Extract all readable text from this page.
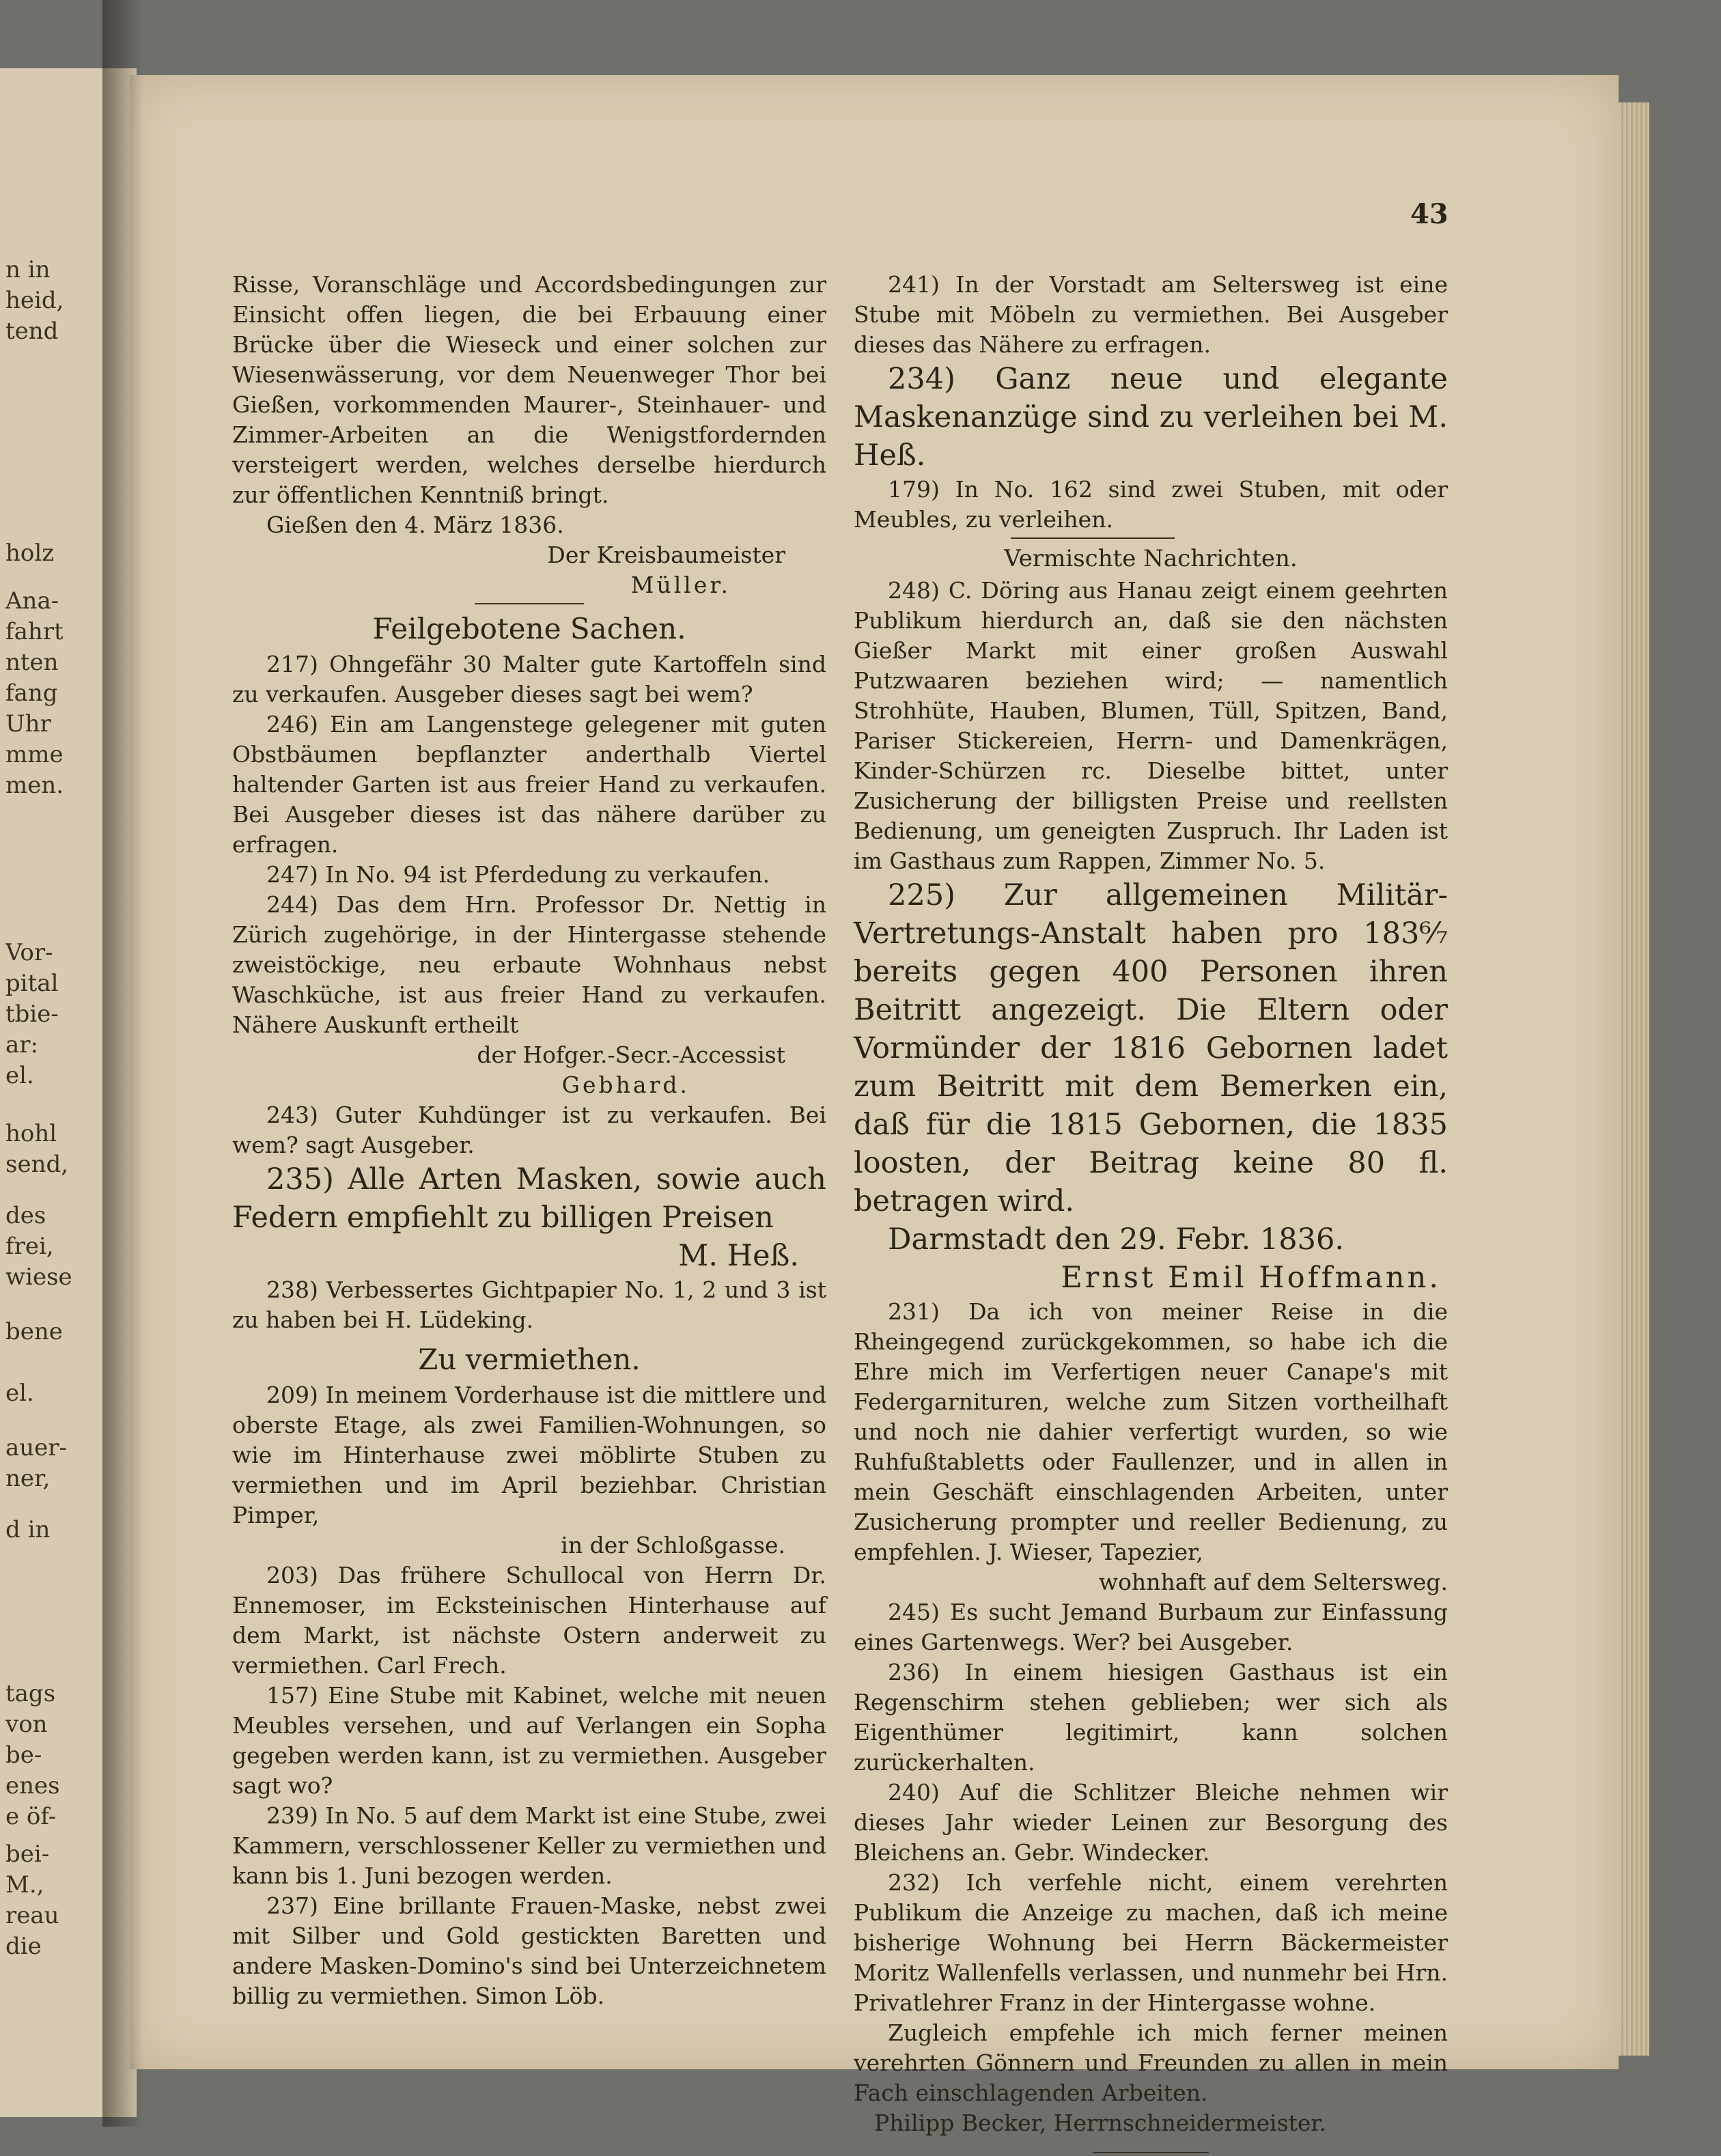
n in
heid,
tend
holz
Ana-
fahrt
nten
fang
Uhr
mme
men.
Vor-
pital
tbie-
ar:
el.
hohl
send,
des
frei,
wiese
bene
el.
auer-
ner,
d in
tags
von
be-
enes
e öf-
bei-
M.,
reau
die
43

Risse, Voranschläge und Accordsbedingungen zur Einsicht offen liegen, die bei Erbauung einer Brücke über die Wieseck und einer solchen zur Wiesenwässerung, vor dem Neuenweger Thor bei Gießen, vorkommenden Maurer-, Steinhauer- und Zimmer-Arbeiten an die Wenigstfordernden versteigert werden, welches derselbe hierdurch zur öffentlichen Kenntniß bringt.

Gießen den 4. März 1836.

Der Kreisbaumeister

Müller.

Feilgebotene Sachen.

217) Ohngefähr 30 Malter gute Kartoffeln sind zu verkaufen. Ausgeber dieses sagt bei wem?

246) Ein am Langenstege gelegener mit guten Obstbäumen bepflanzter anderthalb Viertel haltender Garten ist aus freier Hand zu verkaufen. Bei Ausgeber dieses ist das nähere darüber zu erfragen.

247) In No. 94 ist Pferdedung zu verkaufen.

244) Das dem Hrn. Professor Dr. Nettig in Zürich zugehörige, in der Hintergasse stehende zweistöckige, neu erbaute Wohnhaus nebst Waschküche, ist aus freier Hand zu verkaufen. Nähere Auskunft ertheilt

der Hofger.-Secr.-Accessist

Gebhard.

243) Guter Kuhdünger ist zu verkaufen. Bei wem? sagt Ausgeber.

235) Alle Arten Masken, sowie auch Federn empfiehlt zu billigen Preisen

M. Heß.

238) Verbessertes Gichtpapier No. 1, 2 und 3 ist zu haben bei H. Lüdeking.

Zu vermiethen.

209) In meinem Vorderhause ist die mittlere und oberste Etage, als zwei Familien-Wohnungen, so wie im Hinterhause zwei möblirte Stuben zu vermiethen und im April beziehbar. Christian Pimper,

in der Schloßgasse.

203) Das frühere Schullocal von Herrn Dr. Ennemoser, im Ecksteinischen Hinterhause auf dem Markt, ist nächste Ostern anderweit zu vermiethen. Carl Frech.

157) Eine Stube mit Kabinet, welche mit neuen Meubles versehen, und auf Verlangen ein Sopha gegeben werden kann, ist zu vermiethen. Ausgeber sagt wo?

239) In No. 5 auf dem Markt ist eine Stube, zwei Kammern, verschlossener Keller zu vermiethen und kann bis 1. Juni bezogen werden.

237) Eine brillante Frauen-Maske, nebst zwei mit Silber und Gold gestickten Baretten und andere Masken-Domino's sind bei Unterzeichnetem billig zu vermiethen. Simon Löb.

241) In der Vorstadt am Seltersweg ist eine Stube mit Möbeln zu vermiethen. Bei Ausgeber dieses das Nähere zu erfragen.

234) Ganz neue und elegante Maskenanzüge sind zu verleihen bei M. Heß.

179) In No. 162 sind zwei Stuben, mit oder Meubles, zu verleihen.

Vermischte Nachrichten.

248) C. Döring aus Hanau zeigt einem geehrten Publikum hierdurch an, daß sie den nächsten Gießer Markt mit einer großen Auswahl Putzwaaren beziehen wird; — namentlich Strohhüte, Hauben, Blumen, Tüll, Spitzen, Band, Pariser Stickereien, Herrn- und Damenkrägen, Kinder-Schürzen rc. Dieselbe bittet, unter Zusicherung der billigsten Preise und reellsten Bedienung, um geneigten Zuspruch. Ihr Laden ist im Gasthaus zum Rappen, Zimmer No. 5.

225) Zur allgemeinen Militär-Vertretungs-Anstalt haben pro 183⁶⁄₇ bereits gegen 400 Personen ihren Beitritt angezeigt. Die Eltern oder Vormünder der 1816 Gebornen ladet zum Beitritt mit dem Bemerken ein, daß für die 1815 Gebornen, die 1835 loosten, der Beitrag keine 80 fl. betragen wird.

Darmstadt den 29. Febr. 1836.

Ernst Emil Hoffmann.

231) Da ich von meiner Reise in die Rheingegend zurückgekommen, so habe ich die Ehre mich im Verfertigen neuer Canape's mit Federgarnituren, welche zum Sitzen vortheilhaft und noch nie dahier verfertigt wurden, so wie Ruhfußtabletts oder Faullenzer, und in allen in mein Geschäft einschlagenden Arbeiten, unter Zusicherung prompter und reeller Bedienung, zu empfehlen. J. Wieser, Tapezier,

wohnhaft auf dem Seltersweg.

245) Es sucht Jemand Burbaum zur Einfassung eines Gartenwegs. Wer? bei Ausgeber.

236) In einem hiesigen Gasthaus ist ein Regenschirm stehen geblieben; wer sich als Eigenthümer legitimirt, kann solchen zurückerhalten.

240) Auf die Schlitzer Bleiche nehmen wir dieses Jahr wieder Leinen zur Besorgung des Bleichens an. Gebr. Windecker.

232) Ich verfehle nicht, einem verehrten Publikum die Anzeige zu machen, daß ich meine bisherige Wohnung bei Herrn Bäckermeister Moritz Wallenfells verlassen, und nunmehr bei Hrn. Privatlehrer Franz in der Hintergasse wohne.

Zugleich empfehle ich mich ferner meinen verehrten Gönnern und Freunden zu allen in mein Fach einschlagenden Arbeiten.

Philipp Becker, Herrnschneidermeister.
